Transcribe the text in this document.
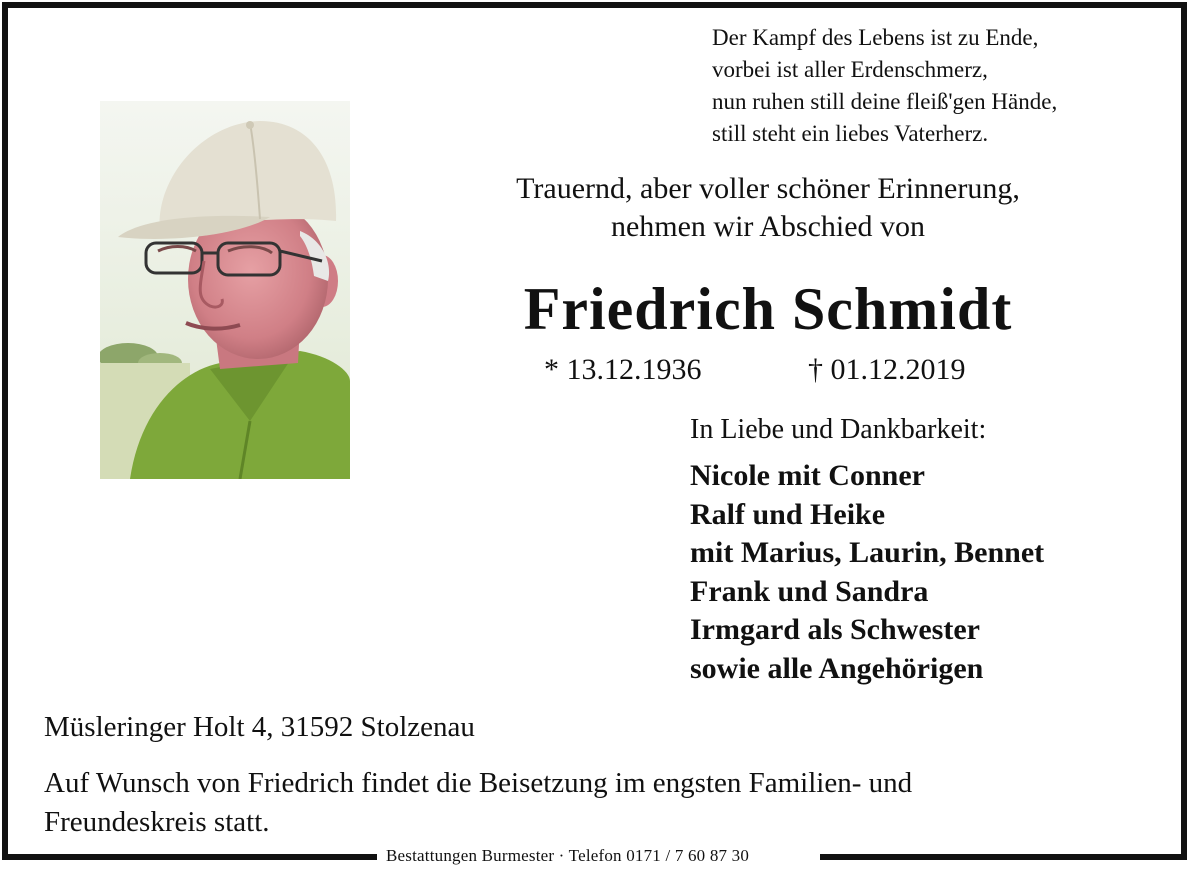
Der Kampf des Lebens ist zu Ende,
vorbei ist aller Erdenschmerz,
nun ruhen still deine fleiß'gen Hände,
still steht ein liebes Vaterherz.
Trauernd, aber voller schöner Erinnerung,
nehmen wir Abschied von
Friedrich Schmidt
* 13.12.1936	† 01.12.2019
In Liebe und Dankbarkeit:
Nicole mit Conner
Ralf und Heike
mit Marius, Laurin, Bennet
Frank und Sandra
Irmgard als Schwester
sowie alle Angehörigen
Müsleringer Holt 4, 31592 Stolzenau
Auf Wunsch von Friedrich findet die Beisetzung im engsten Familien- und
Freundeskreis statt.
Bestattungen Burmester · Telefon 0171 / 7 60 87 30
